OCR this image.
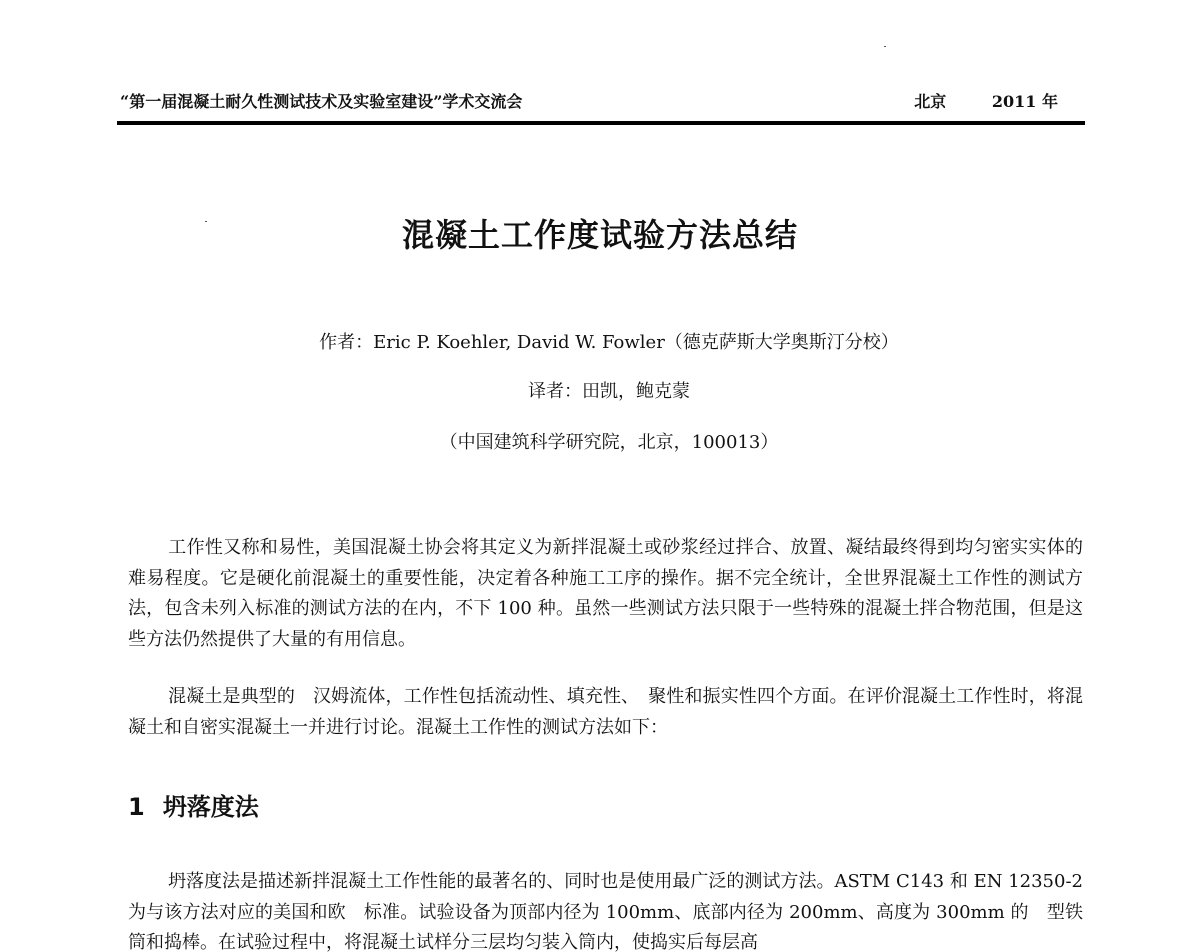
“第一届混凝土耐久性测试技术及实验室建设”学术交流会	北京	2011 年
混凝土工作度试验方法总结
作者：Eric P. Koehler, David W. Fowler（德克萨斯大学奥斯汀分校）
译者：田凯，鲍克蒙
（中国建筑科学研究院，北京，100013）

工作性又称和易性，美国混凝土协会将其定义为新拌混凝土或砂浆经过拌合、放置、凝结最终得到均匀密实实体的难易程度。它是硬化前混凝土的重要性能，决定着各种施工工序的操作。据不完全统计，全世界混凝土工作性的测试方法，包含未列入标准的测试方法的在内，不下 100 种。虽然一些测试方法只限于一些特殊的混凝土拌合物范围，但是这些方法仍然提供了大量的有用信息。

混凝土是典型的　汉姆流体，工作性包括流动性、填充性、　聚性和振实性四个方面。在评价混凝土工作性时，将混凝土和自密实混凝土一并进行讨论。混凝土工作性的测试方法如下：

1 坍落度法

坍落度法是描述新拌混凝土工作性能的最著名的、同时也是使用最广泛的测试方法。ASTM C143 和 EN 12350-2 为与该方法对应的美国和欧　标准。试验设备为顶部内径为 100mm、底部内径为 200mm、高度为 300mm 的　型铁　筒和捣棒。在试验过程中，将混凝土试样分三层均匀装入筒内，使捣实后每层高
